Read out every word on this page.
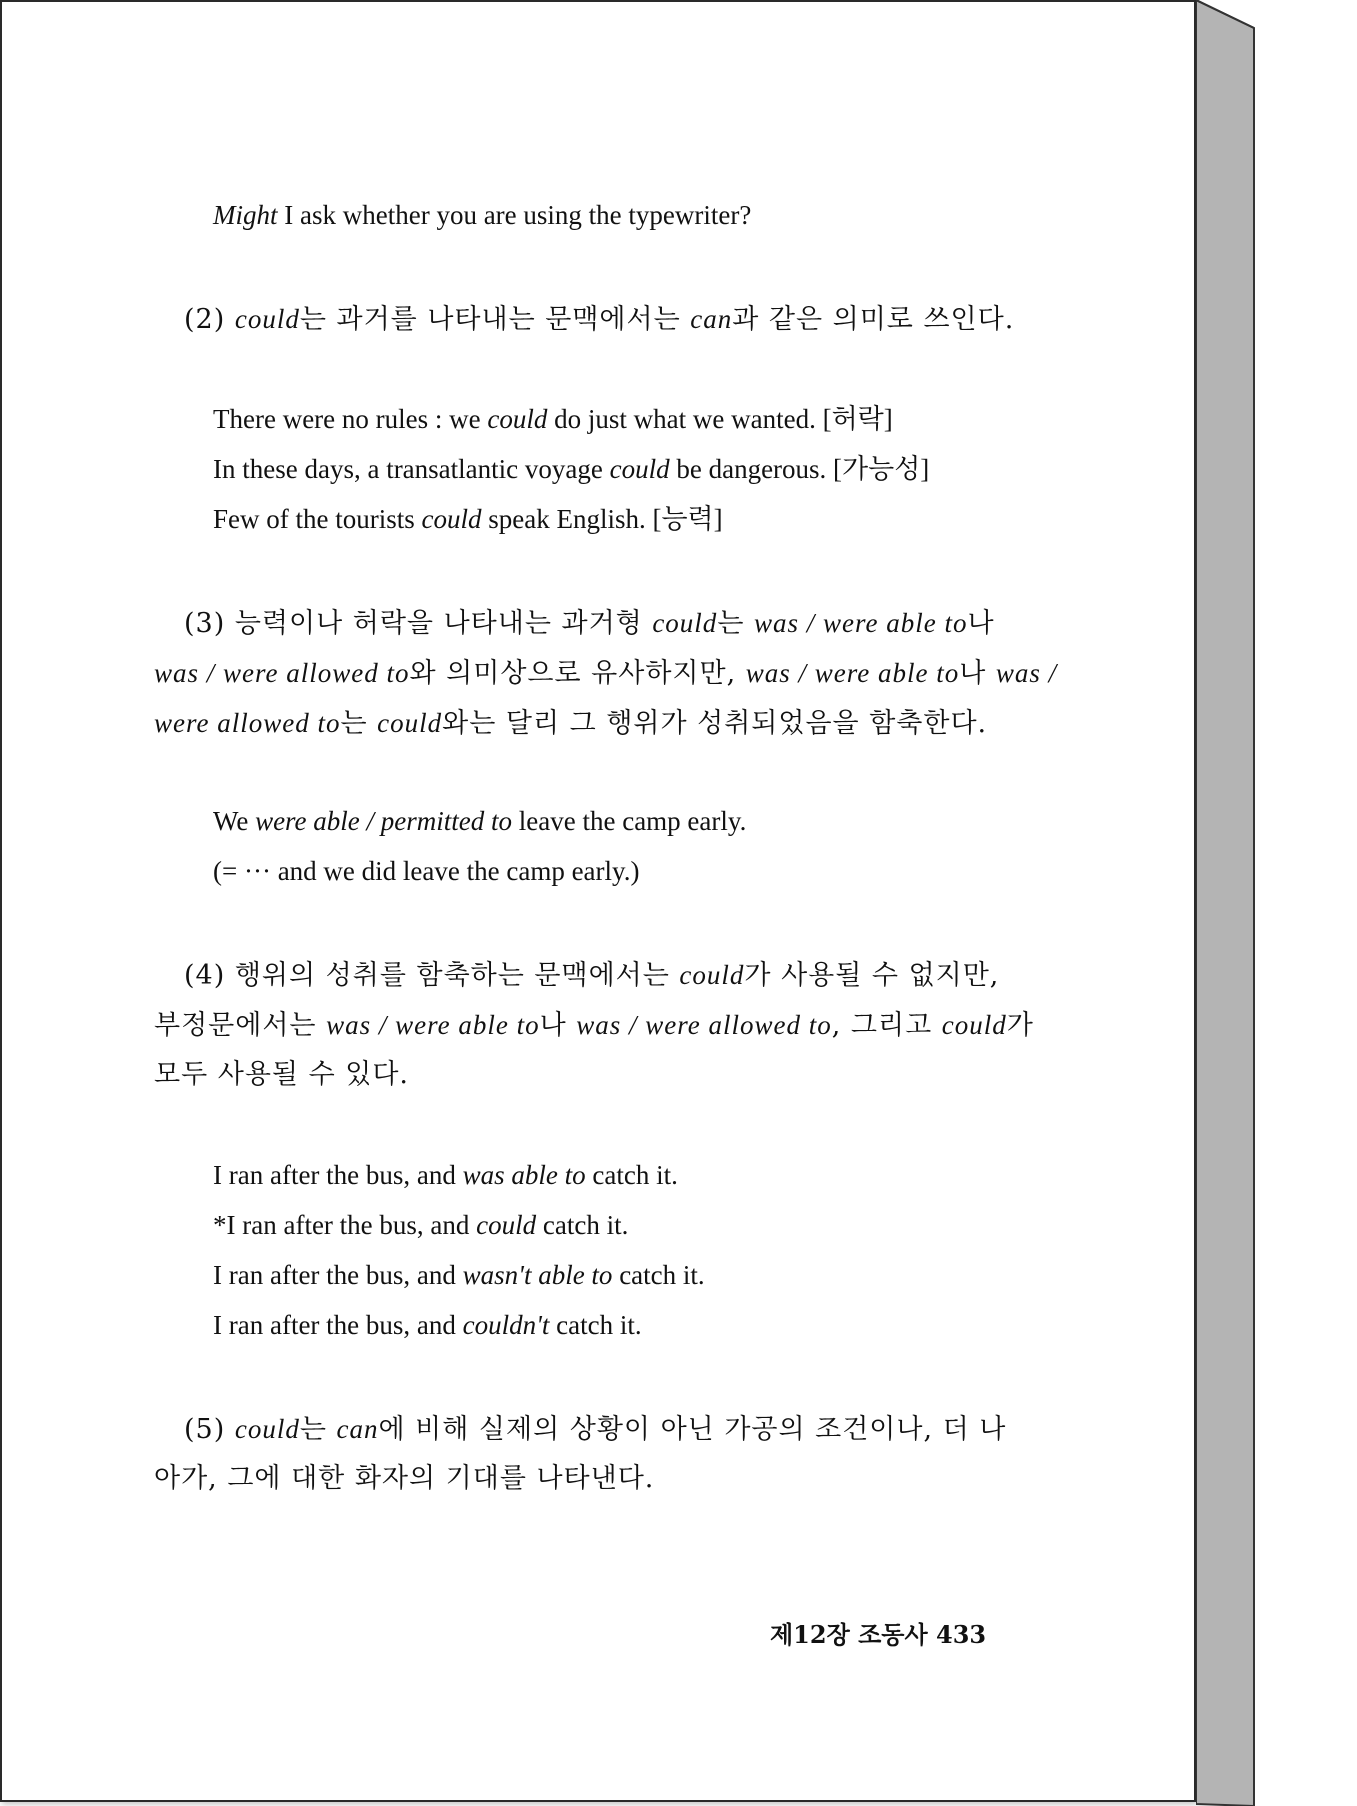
Might I ask whether you are using the typewriter?
(2) could는 과거를 나타내는 문맥에서는 can과 같은 의미로 쓰인다.
There were no rules : we could do just what we wanted. [허락]
In these days, a transatlantic voyage could be dangerous. [가능성]
Few of the tourists could speak English. [능력]
(3) 능력이나 허락을 나타내는 과거형 could는 was / were able to나
was / were allowed to와 의미상으로 유사하지만, was / were able to나 was /
were allowed to는 could와는 달리 그 행위가 성취되었음을 함축한다.
We were able / permitted to leave the camp early.
(= ··· and we did leave the camp early.)
(4) 행위의 성취를 함축하는 문맥에서는 could가 사용될 수 없지만,
부정문에서는 was / were able to나 was / were allowed to, 그리고 could가
모두 사용될 수 있다.
I ran after the bus, and was able to catch it.
*I ran after the bus, and could catch it.
I ran after the bus, and wasn't able to catch it.
I ran after the bus, and couldn't catch it.
(5) could는 can에 비해 실제의 상황이 아닌 가공의 조건이나, 더 나
아가, 그에 대한 화자의 기대를 나타낸다.
제12장 조동사 433
